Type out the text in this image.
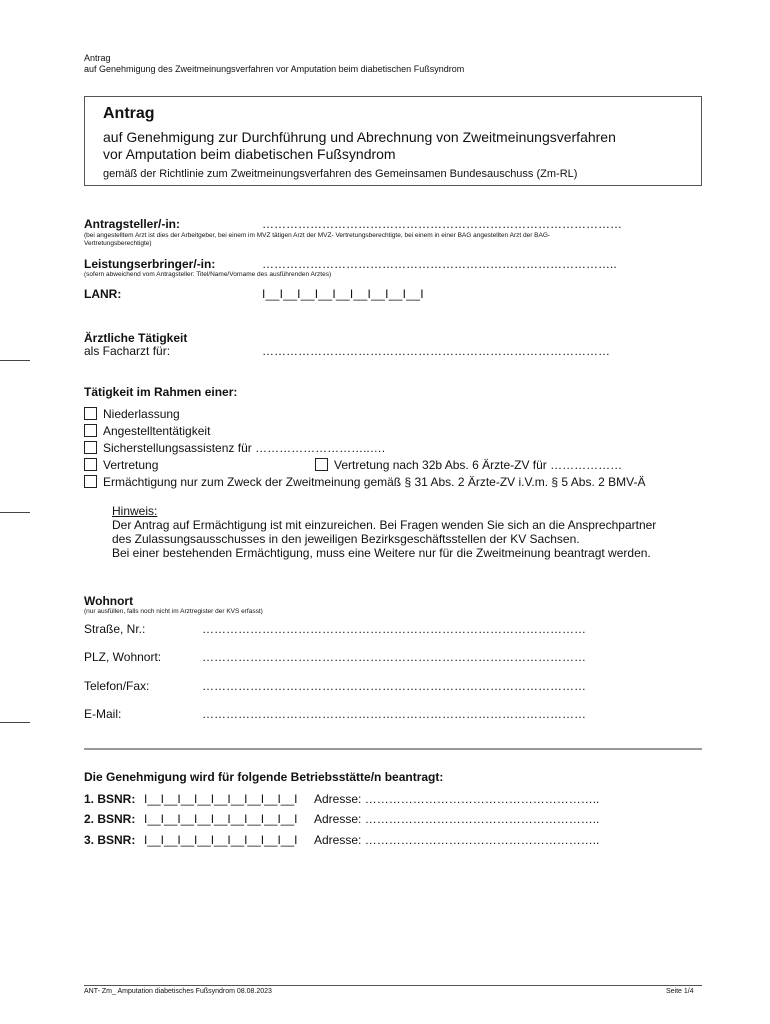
Antrag
auf Genehmigung des Zweitmeinungsverfahren vor Amputation beim diabetischen Fußsyndrom
Antrag
auf Genehmigung zur Durchführung und Abrechnung von Zweitmeinungsverfahren
vor Amputation beim diabetischen Fußsyndrom
gemäß der Richtlinie zum Zweitmeinungsverfahren des Gemeinsamen Bundesauschuss (Zm-RL)
Antragsteller/-in:	………………………………………………………………………………
(bei angestelltem Arzt ist dies der Arbeitgeber, bei einem im MVZ tätigen Arzt der MVZ- Vertretungsberechtigte, bei einem in einer BAG angestellten Arzt der BAG-
Vertretungsberechtigte)
Leistungserbringer/-in:	……………………………………………………………………………..
(sofern abweichend vom Antragsteller: Titel/Name/Vorname des ausführenden Arztes)
LANR:	I__I__I__I__I__I__I__I__I__I
Ärztliche Tätigkeit
als Facharzt für:	……………………………………………………………………………
Tätigkeit im Rahmen einer:
Niederlassung
Angestelltentätigkeit
Sicherstellungsassistenz für ………………………..….
Vertretung	Vertretung nach 32b Abs. 6 Ärzte-ZV für ………………
Ermächtigung nur zum Zweck der Zweitmeinung gemäß § 31 Abs. 2 Ärzte-ZV i.V.m. § 5 Abs. 2 BMV-Ä
Hinweis:
Der Antrag auf Ermächtigung ist mit einzureichen. Bei Fragen wenden Sie sich an die Ansprechpartner
des Zulassungsausschusses in den jeweiligen Bezirksgeschäftsstellen der KV Sachsen.
Bei einer bestehenden Ermächtigung, muss eine Weitere nur für die Zweitmeinung beantragt werden.
Wohnort
(nur ausfüllen, falls noch nicht im Arztregister der KVS erfasst)
Straße, Nr.:	……………………………………………………………………………………
PLZ, Wohnort:	……………………………………………………………………………………
Telefon/Fax:	……………………………………………………………………………………
E-Mail:	……………………………………………………………………………………
Die Genehmigung wird für folgende Betriebsstätte/n beantragt:
1. BSNR: I__I__I__I__I__I__I__I__I__I Adresse: …………………………………………………..
2. BSNR: I__I__I__I__I__I__I__I__I__I Adresse: …………………………………………………..
3. BSNR: I__I__I__I__I__I__I__I__I__I Adresse: …………………………………………………..
ANT- Zm_ Amputation diabetisches Fußsyndrom 08.08.2023	Seite 1/4
